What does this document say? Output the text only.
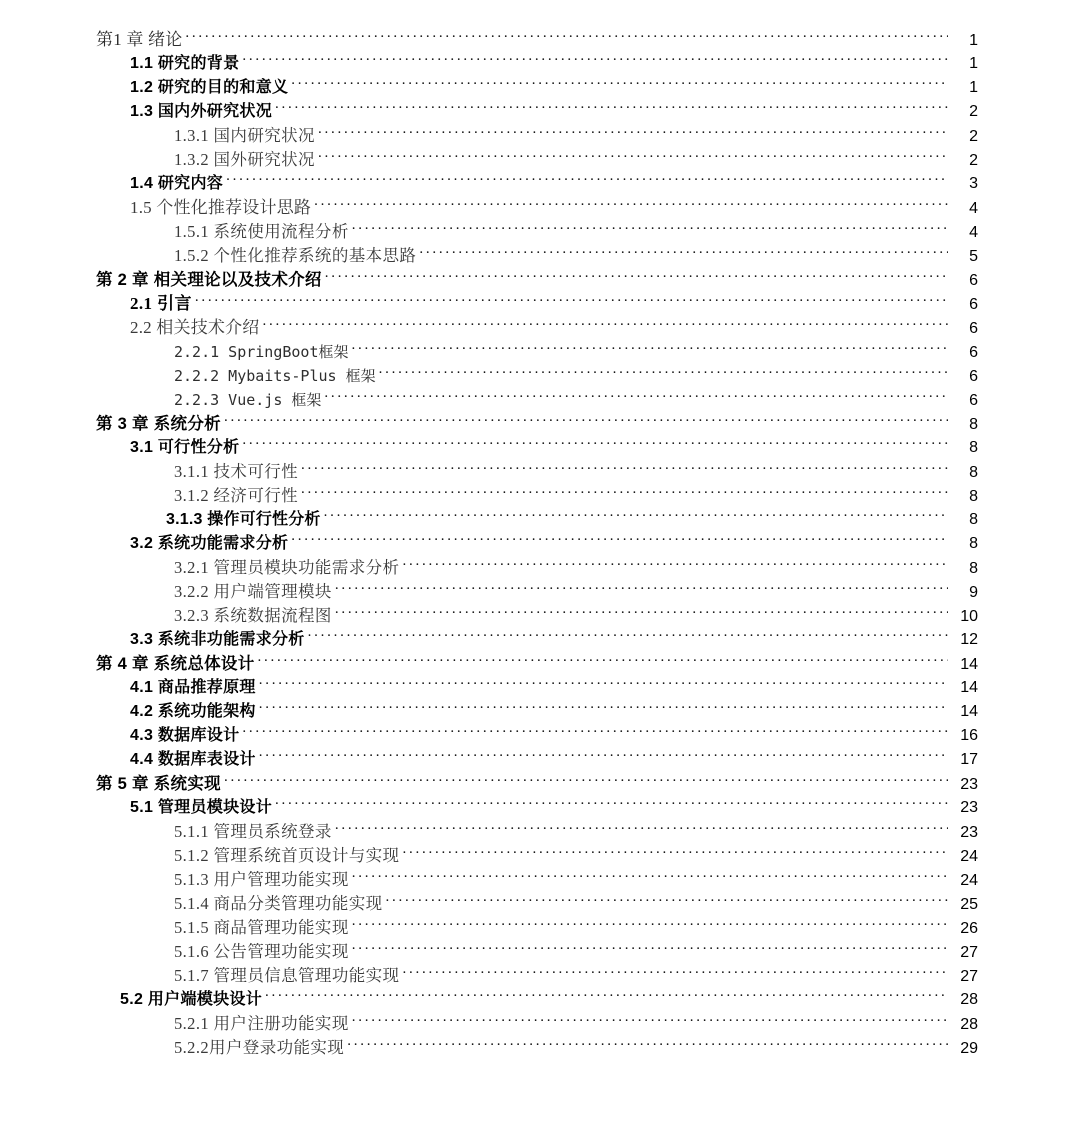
第1 章 绪论 . . .	1
1.1 研究的背景 . . .	1
1.2 研究的目的和意义 . . .	1
1.3 国内外研究状况 . . .	2
1.3.1 国内研究状况 . . .	2
1.3.2 国外研究状况 . . .	2
1.4 研究内容 . . .	3
1.5 个性化推荐设计思路 . . .	4
1.5.1 系统使用流程分析 . . .	4
1.5.2 个性化推荐系统的基本思路 . . .	5
第 2 章 相关理论以及技术介绍 . . .	6
2.1 引言 . . .	6
2.2 相关技术介绍 . . .	6
2.2.1 SpringBoot框架 . . .	6
2.2.2 Mybaits-Plus 框架 . . .	6
2.2.3 Vue.js 框架 . . .	6
第 3 章 系统分析 . . .	8
3.1 可行性分析 . . .	8
3.1.1 技术可行性 . . .	8
3.1.2 经济可行性 . . .	8
3.1.3 操作可行性分析 . . .	8
3.2 系统功能需求分析 . . .	8
3.2.1 管理员模块功能需求分析 . . .	8
3.2.2 用户端管理模块 . . .	9
3.2.3 系统数据流程图 . . .	10
3.3 系统非功能需求分析 . . .	12
第 4 章 系统总体设计 . . .	14
4.1 商品推荐原理 . . .	14
4.2 系统功能架构 . . .	14
4.3 数据库设计 . . .	16
4.4 数据库表设计 . . .	17
第 5 章 系统实现 . . .	23
5.1 管理员模块设计 . . .	23
5.1.1 管理员系统登录 . . .	23
5.1.2 管理系统首页设计与实现 . . .	24
5.1.3 用户管理功能实现 . . .	24
5.1.4 商品分类管理功能实现 . . .	25
5.1.5 商品管理功能实现 . . .	26
5.1.6 公告管理功能实现 . . .	27
5.1.7 管理员信息管理功能实现 . . .	27
5.2 用户端模块设计 . . .	28
5.2.1 用户注册功能实现 . . .	28
5.2.2用户登录功能实现 . . .	29
